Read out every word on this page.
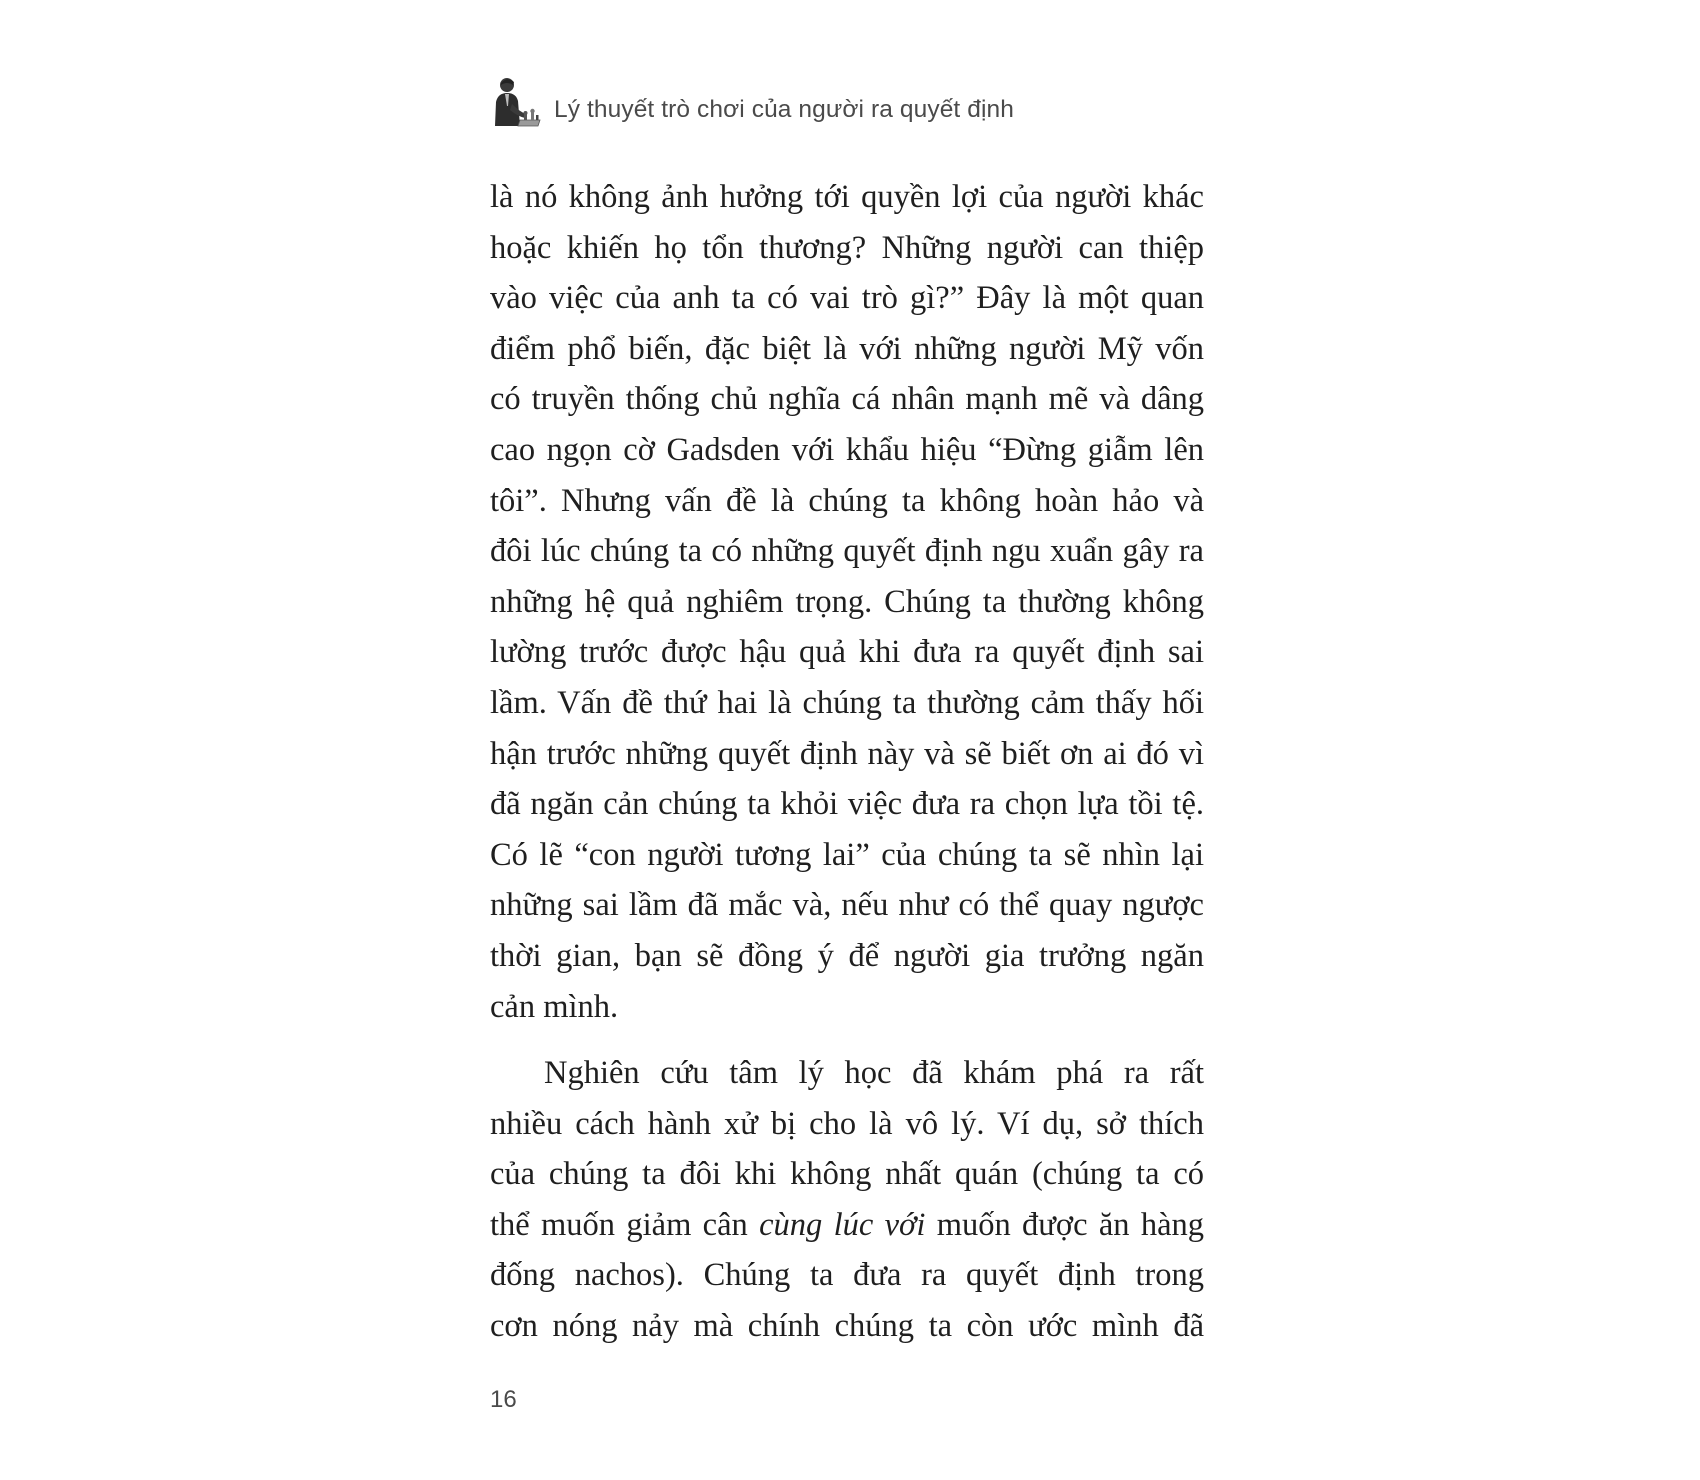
Lý thuyết trò chơi của người ra quyết định

là nó không ảnh hưởng tới quyền lợi của người khác
hoặc khiến họ tổn thương? Những người can thiệp
vào việc của anh ta có vai trò gì?” Đây là một quan
điểm phổ biến, đặc biệt là với những người Mỹ vốn
có truyền thống chủ nghĩa cá nhân mạnh mẽ và dâng
cao ngọn cờ Gadsden với khẩu hiệu “Đừng giẫm lên
tôi”. Nhưng vấn đề là chúng ta không hoàn hảo và
đôi lúc chúng ta có những quyết định ngu xuẩn gây ra
những hệ quả nghiêm trọng. Chúng ta thường không
lường trước được hậu quả khi đưa ra quyết định sai
lầm. Vấn đề thứ hai là chúng ta thường cảm thấy hối
hận trước những quyết định này và sẽ biết ơn ai đó vì
đã ngăn cản chúng ta khỏi việc đưa ra chọn lựa tồi tệ.
Có lẽ “con người tương lai” của chúng ta sẽ nhìn lại
những sai lầm đã mắc và, nếu như có thể quay ngược
thời gian, bạn sẽ đồng ý để người gia trưởng ngăn
cản mình.

Nghiên cứu tâm lý học đã khám phá ra rất
nhiều cách hành xử bị cho là vô lý. Ví dụ, sở thích
của chúng ta đôi khi không nhất quán (chúng ta có
thể muốn giảm cân cùng lúc với muốn được ăn hàng
đống nachos). Chúng ta đưa ra quyết định trong
cơn nóng nảy mà chính chúng ta còn ước mình đã

16
